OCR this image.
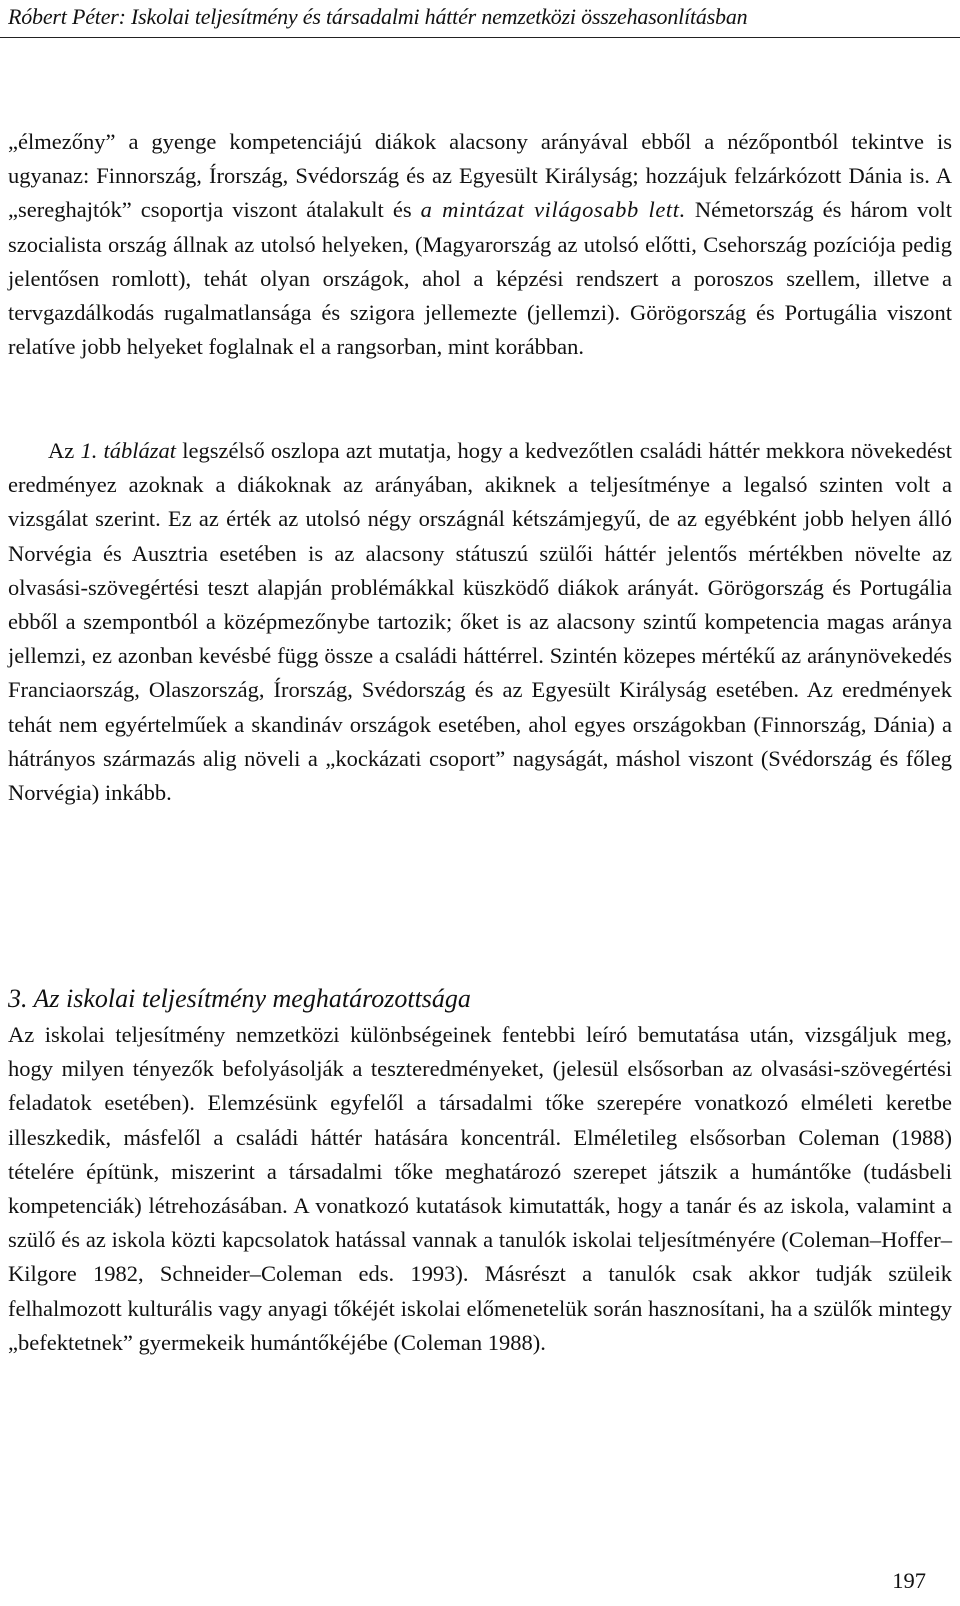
Róbert Péter: Iskolai teljesítmény és társadalmi háttér nemzetközi összehasonlításban
„élmezőny” a gyenge kompetenciájú diákok alacsony arányával ebből a nézőpontból tekintve is ugyanaz: Finnország, Írország, Svédország és az Egyesült Királyság; hozzájuk felzárkózott Dánia is. A „sereghajtók” csoportja viszont átalakult és a mintázat világosabb lett. Németország és három volt szocialista ország állnak az utolsó helyeken, (Magyarország az utolsó előtti, Csehország pozíciója pedig jelentősen romlott), tehát olyan országok, ahol a képzési rendszert a poroszos szellem, illetve a tervgazdálkodás rugalmatlansága és szigora jellemezte (jellemzi). Görögország és Portugália viszont relatíve jobb helyeket foglalnak el a rangsorban, mint korábban.
Az 1. táblázat legszélső oszlopa azt mutatja, hogy a kedvezőtlen családi háttér mekkora növekedést eredményez azoknak a diákoknak az arányában, akiknek a teljesítménye a legalsó szinten volt a vizsgálat szerint. Ez az érték az utolsó négy országnál kétszámjegyű, de az egyébként jobb helyen álló Norvégia és Ausztria esetében is az alacsony státuszú szülői háttér jelentős mértékben növelte az olvasási-szövegértési teszt alapján problémákkal küszködő diákok arányát. Görögország és Portugália ebből a szempontból a középmezőnybe tartozik; őket is az alacsony szintű kompetencia magas aránya jellemzi, ez azonban kevésbé függ össze a családi háttérrel. Szintén közepes mértékű az aránynövekedés Franciaország, Olaszország, Írország, Svédország és az Egyesült Királyság esetében. Az eredmények tehát nem egyértelműek a skandináv országok esetében, ahol egyes országokban (Finnország, Dánia) a hátrányos származás alig növeli a „kockázati csoport” nagyságát, máshol viszont (Svédország és főleg Norvégia) inkább.
3. Az iskolai teljesítmény meghatározottsága
Az iskolai teljesítmény nemzetközi különbségeinek fentebbi leíró bemutatása után, vizsgáljuk meg, hogy milyen tényezők befolyásolják a teszteredményeket, (jelesül elsősorban az olvasási-szövegértési feladatok esetében). Elemzésünk egyfelől a társadalmi tőke szerepére vonatkozó elméleti keretbe illeszkedik, másfelől a családi háttér hatására koncentrál. Elméletileg elsősorban Coleman (1988) tételére építünk, miszerint a társadalmi tőke meghatározó szerepet játszik a humántőke (tudásbeli kompetenciák) létrehozásában. A vonatkozó kutatások kimutatták, hogy a tanár és az iskola, valamint a szülő és az iskola közti kapcsolatok hatással vannak a tanulók iskolai teljesítményére (Coleman–Hoffer–Kilgore 1982, Schneider–Coleman eds. 1993). Másrészt a tanulók csak akkor tudják szüleik felhalmozott kulturális vagy anyagi tőkéjét iskolai előmenetelük során hasznosítani, ha a szülők mintegy „befektetnek” gyermekeik humántőkéjébe (Coleman 1988).
197
